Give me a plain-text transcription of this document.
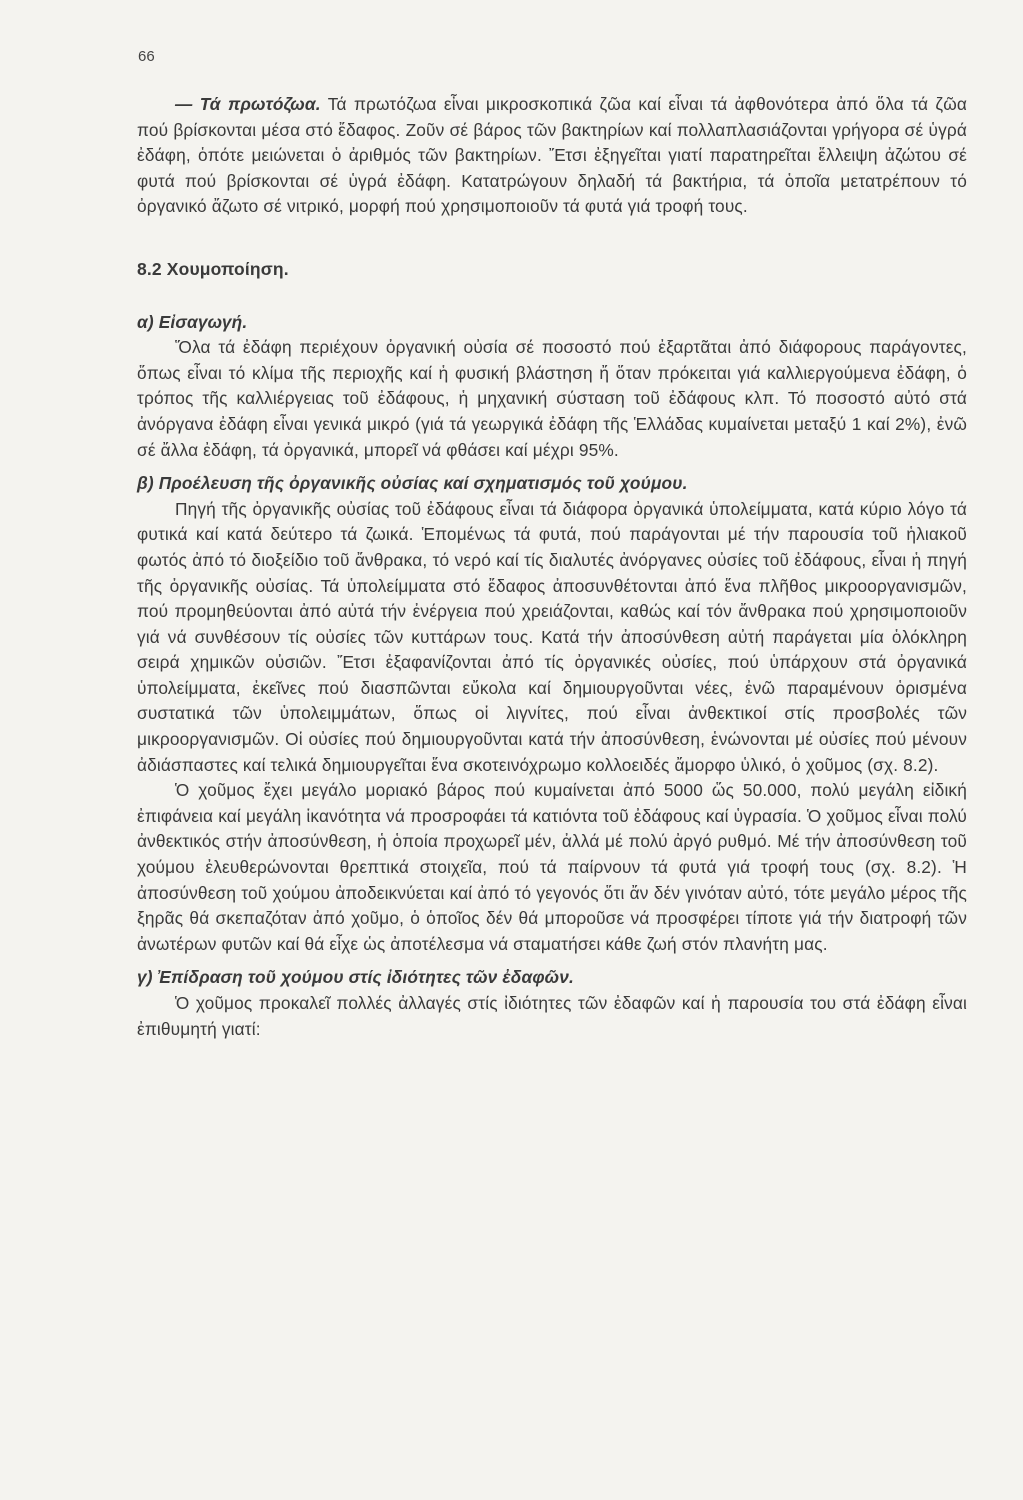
66

— Τά πρωτόζωα. Τά πρωτόζωα εἶναι μικροσκοπικά ζῶα καί εἶναι τά ἀφθονότερα ἀπό ὅλα τά ζῶα πού βρίσκονται μέσα στό ἔδαφος. Ζοῦν σέ βάρος τῶν βακτηρίων καί πολλαπλασιάζονται γρήγορα σέ ὑγρά ἐδάφη, ὁπότε μειώνεται ὁ ἀριθμός τῶν βακτηρίων. Ἔτσι ἐξηγεῖται γιατί παρατηρεῖται ἔλλειψη ἀζώτου σέ φυτά πού βρίσκονται σέ ὑγρά ἐδάφη. Κατατρώγουν δηλαδή τά βακτήρια, τά ὁποῖα μετατρέπουν τό ὀργανικό ἄζωτο σέ νιτρικό, μορφή πού χρησιμοποιοῦν τά φυτά γιά τροφή τους.

8.2 Χουμοποίηση.

α) Εἰσαγωγή.

Ὅλα τά ἐδάφη περιέχουν ὀργανική οὐσία σέ ποσοστό πού ἐξαρτᾶται ἀπό διάφορους παράγοντες, ὅπως εἶναι τό κλίμα τῆς περιοχῆς καί ἡ φυσική βλάστηση ἤ ὅταν πρόκειται γιά καλλιεργούμενα ἐδάφη, ὁ τρόπος τῆς καλλιέργειας τοῦ ἐδάφους, ἡ μηχανική σύσταση τοῦ ἐδάφους κλπ. Τό ποσοστό αὐτό στά ἀνόργανα ἐδάφη εἶναι γενικά μικρό (γιά τά γεωργικά ἐδάφη τῆς Ἑλλάδας κυμαίνεται μεταξύ 1 καί 2%), ἐνῶ σέ ἄλλα ἐδάφη, τά ὀργανικά, μπορεῖ νά φθάσει καί μέχρι 95%.

β) Προέλευση τῆς ὀργανικῆς οὐσίας καί σχηματισμός τοῦ χούμου.

Πηγή τῆς ὀργανικῆς οὐσίας τοῦ ἐδάφους εἶναι τά διάφορα ὀργανικά ὑπολείμματα, κατά κύριο λόγο τά φυτικά καί κατά δεύτερο τά ζωικά. Ἑπομένως τά φυτά, πού παράγονται μέ τήν παρουσία τοῦ ἡλιακοῦ φωτός ἀπό τό διοξείδιο τοῦ ἄνθρακα, τό νερό καί τίς διαλυτές ἀνόργανες οὐσίες τοῦ ἐδάφους, εἶναι ἡ πηγή τῆς ὀργανικῆς οὐσίας. Τά ὑπολείμματα στό ἔδαφος ἀποσυνθέτονται ἀπό ἕνα πλῆθος μικροοργανισμῶν, πού προμηθεύονται ἀπό αὐτά τήν ἐνέργεια πού χρειάζονται, καθώς καί τόν ἄνθρακα πού χρησιμοποιοῦν γιά νά συνθέσουν τίς οὐσίες τῶν κυττάρων τους. Κατά τήν ἀποσύνθεση αὐτή παράγεται μία ὁλόκληρη σειρά χημικῶν οὐσιῶν. Ἔτσι ἐξαφανίζονται ἀπό τίς ὀργανικές οὐσίες, πού ὑπάρχουν στά ὀργανικά ὑπολείμματα, ἐκεῖνες πού διασπῶνται εὔκολα καί δημιουργοῦνται νέες, ἐνῶ παραμένουν ὁρισμένα συστατικά τῶν ὑπολειμμάτων, ὅπως οἱ λιγνίτες, πού εἶναι ἀνθεκτικοί στίς προσβολές τῶν μικροοργανισμῶν. Οἱ οὐσίες πού δημιουργοῦνται κατά τήν ἀποσύνθεση, ἑνώνονται μέ οὐσίες πού μένουν ἀδιάσπαστες καί τελικά δημιουργεῖται ἕνα σκοτεινόχρωμο κολλοειδές ἄμορφο ὑλικό, ὁ χοῦμος (σχ. 8.2).

Ὁ χοῦμος ἔχει μεγάλο μοριακό βάρος πού κυμαίνεται ἀπό 5000 ὥς 50.000, πολύ μεγάλη εἰδική ἐπιφάνεια καί μεγάλη ἱκανότητα νά προσροφάει τά κατιόντα τοῦ ἐδάφους καί ὑγρασία. Ὁ χοῦμος εἶναι πολύ ἀνθεκτικός στήν ἀποσύνθεση, ἡ ὁποία προχωρεῖ μέν, ἀλλά μέ πολύ ἀργό ρυθμό. Μέ τήν ἀποσύνθεση τοῦ χούμου ἐλευθερώνονται θρεπτικά στοιχεῖα, πού τά παίρνουν τά φυτά γιά τροφή τους (σχ. 8.2). Ἡ ἀποσύνθεση τοῦ χούμου ἀποδεικνύεται καί ἀπό τό γεγονός ὅτι ἄν δέν γινόταν αὐτό, τότε μεγάλο μέρος τῆς ξηρᾶς θά σκεπαζόταν ἀπό χοῦμο, ὁ ὁποῖος δέν θά μποροῦσε νά προσφέρει τίποτε γιά τήν διατροφή τῶν ἀνωτέρων φυτῶν καί θά εἶχε ὡς ἀποτέλεσμα νά σταματήσει κάθε ζωή στόν πλανήτη μας.

γ) Ἐπίδραση τοῦ χούμου στίς ἰδιότητες τῶν ἐδαφῶν.

Ὁ χοῦμος προκαλεῖ πολλές ἀλλαγές στίς ἰδιότητες τῶν ἐδαφῶν καί ἡ παρουσία του στά ἐδάφη εἶναι ἐπιθυμητή γιατί:
